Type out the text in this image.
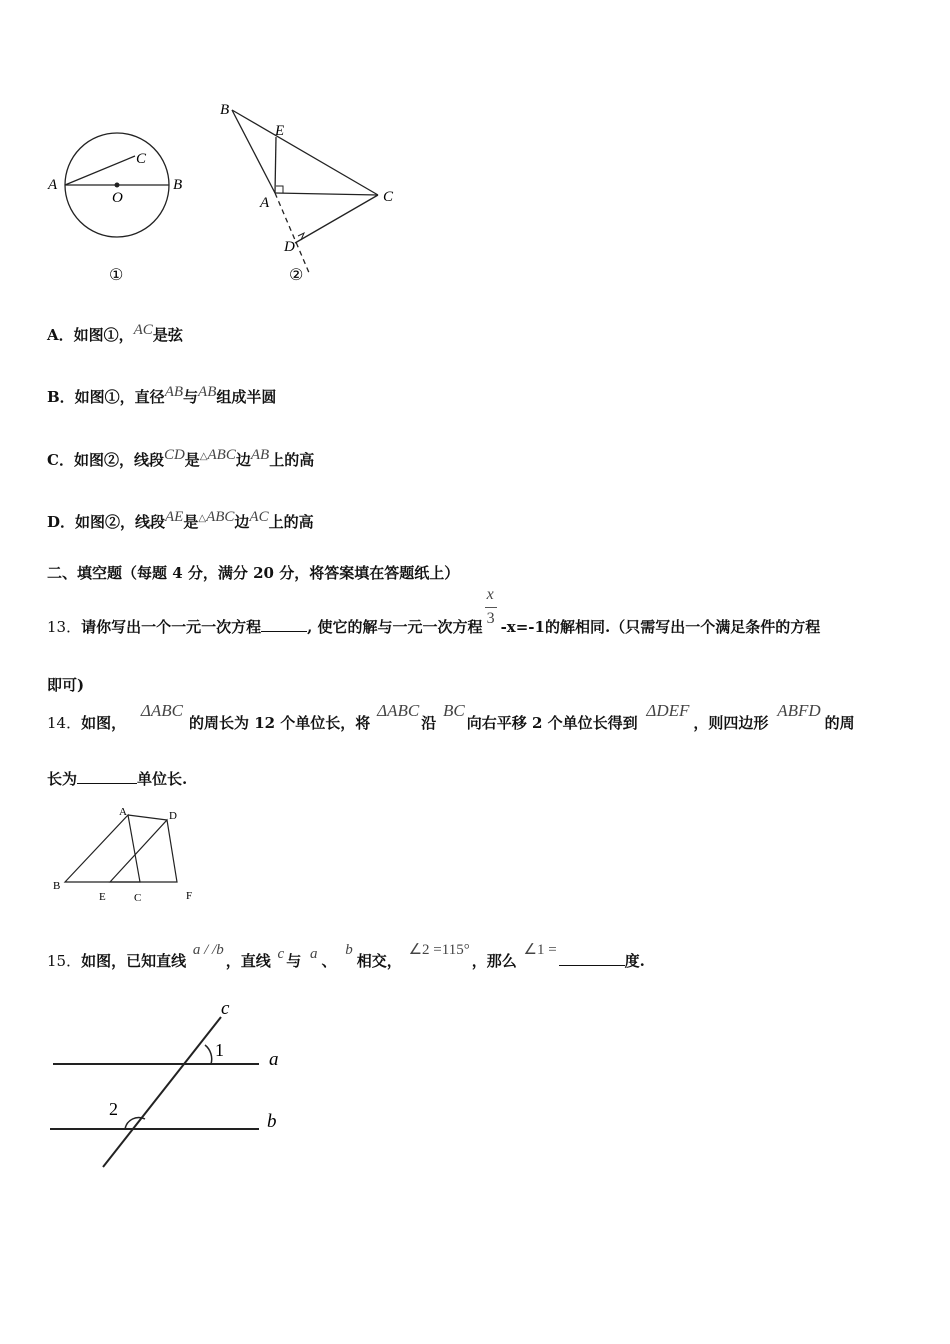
A	B
C
O
①
B
E
A	C
D
②
A．如图①，AC是弦
B．如图①，直径AB与AB组成半圆
C．如图②，线段CD是△ABC边AB上的高
D．如图②，线段AE是△ABC边AC上的高
二、填空题（每题 4 分，满分 20 分，将答案填在答题纸上）
13．请你写出一个一元一次方程	, 使它的解与一元一次方程 $\frac{x}{3} -x=-1$的解相同.（只需写出一个满足条件的方程
即可)
14．如图， ΔABC的周长为 12 个单位长，将 ΔABC沿 BC向右平移 2 个单位长得到 ΔDEF，则四边形 ABFD的周
长为	单位长.
A	D
B
E	C	F
15．如图，已知直线 a / /b，直线 c 与 a 、 b相交， ∠2 =115°，那么 ∠1 =度.
c
a
b
1
2
